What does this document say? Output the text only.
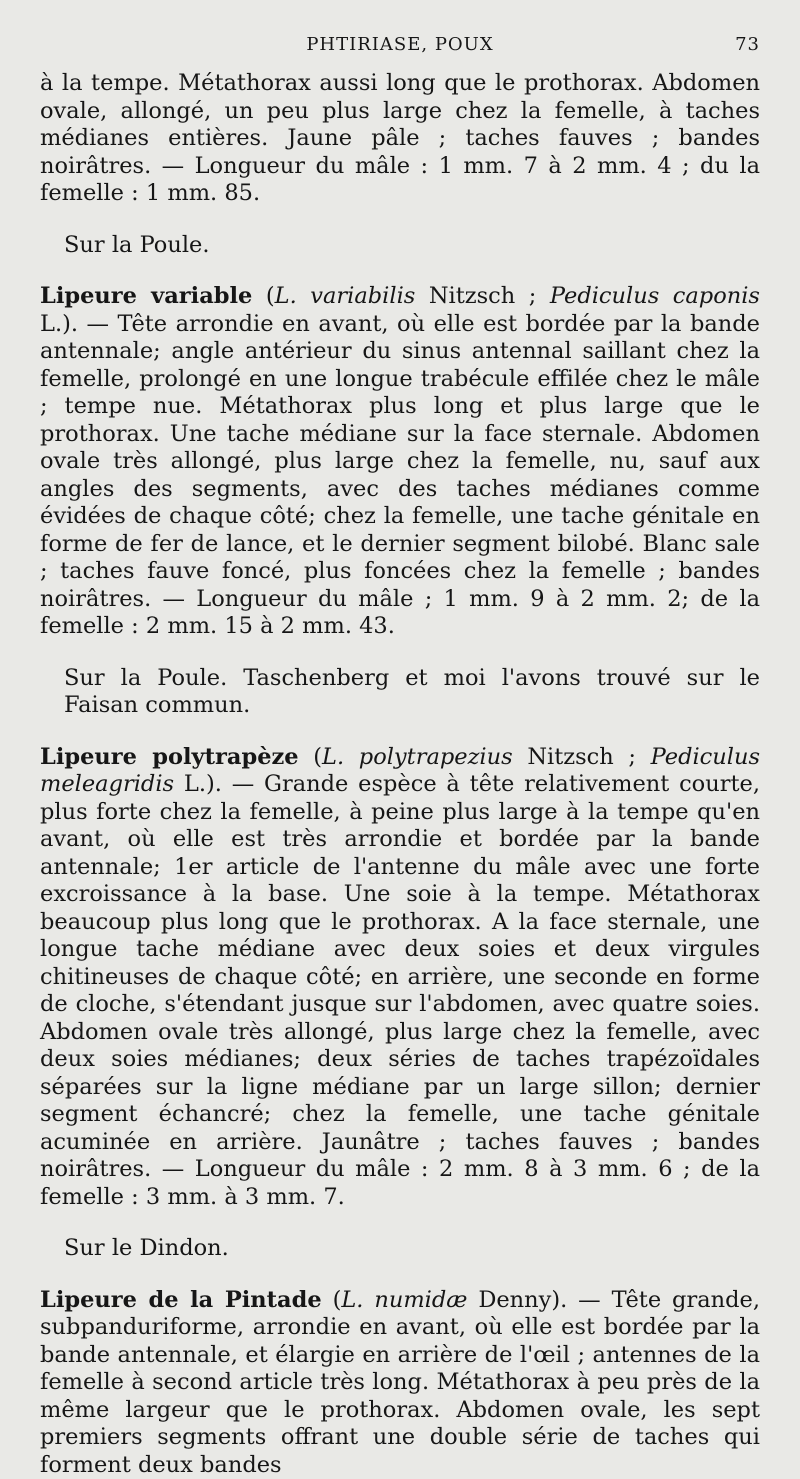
PHTIRIASE, POUX	73

à la tempe. Métathorax aussi long que le prothorax. Abdomen ovale, allongé, un peu plus large chez la femelle, à taches médianes entières. Jaune pâle ; taches fauves ; bandes noirâtres. — Longueur du mâle : 1 mm. 7 à 2 mm. 4 ; du la femelle : 1 mm. 85.

Sur la Poule.

Lipeure variable (L. variabilis Nitzsch ; Pediculus caponis L.). — Tête arrondie en avant, où elle est bordée par la bande antennale; angle antérieur du sinus antennal saillant chez la femelle, prolongé en une longue trabécule effilée chez le mâle ; tempe nue. Métathorax plus long et plus large que le prothorax. Une tache médiane sur la face sternale. Abdomen ovale très allongé, plus large chez la femelle, nu, sauf aux angles des segments, avec des taches médianes comme évidées de chaque côté; chez la femelle, une tache génitale en forme de fer de lance, et le dernier segment bilobé. Blanc sale ; taches fauve foncé, plus foncées chez la femelle ; bandes noirâtres. — Longueur du mâle ; 1 mm. 9 à 2 mm. 2; de la femelle : 2 mm. 15 à 2 mm. 43.

Sur la Poule. Taschenberg et moi l'avons trouvé sur le Faisan commun.

Lipeure polytrapèze (L. polytrapezius Nitzsch ; Pediculus meleagridis L.). — Grande espèce à tête relativement courte, plus forte chez la femelle, à peine plus large à la tempe qu'en avant, où elle est très arrondie et bordée par la bande antennale; 1er article de l'antenne du mâle avec une forte excroissance à la base. Une soie à la tempe. Métathorax beaucoup plus long que le prothorax. A la face sternale, une longue tache médiane avec deux soies et deux virgules chitineuses de chaque côté; en arrière, une seconde en forme de cloche, s'étendant jusque sur l'abdomen, avec quatre soies. Abdomen ovale très allongé, plus large chez la femelle, avec deux soies médianes; deux séries de taches trapézoïdales séparées sur la ligne médiane par un large sillon; dernier segment échancré; chez la femelle, une tache génitale acuminée en arrière. Jaunâtre ; taches fauves ; bandes noirâtres. — Longueur du mâle : 2 mm. 8 à 3 mm. 6 ; de la femelle : 3 mm. à 3 mm. 7.

Sur le Dindon.

Lipeure de la Pintade (L. numidæ Denny). — Tête grande, subpanduriforme, arrondie en avant, où elle est bordée par la bande antennale, et élargie en arrière de l'œil ; antennes de la femelle à second article très long. Métathorax à peu près de la même largeur que le prothorax. Abdomen ovale, les sept premiers segments offrant une double série de taches qui forment deux bandes
